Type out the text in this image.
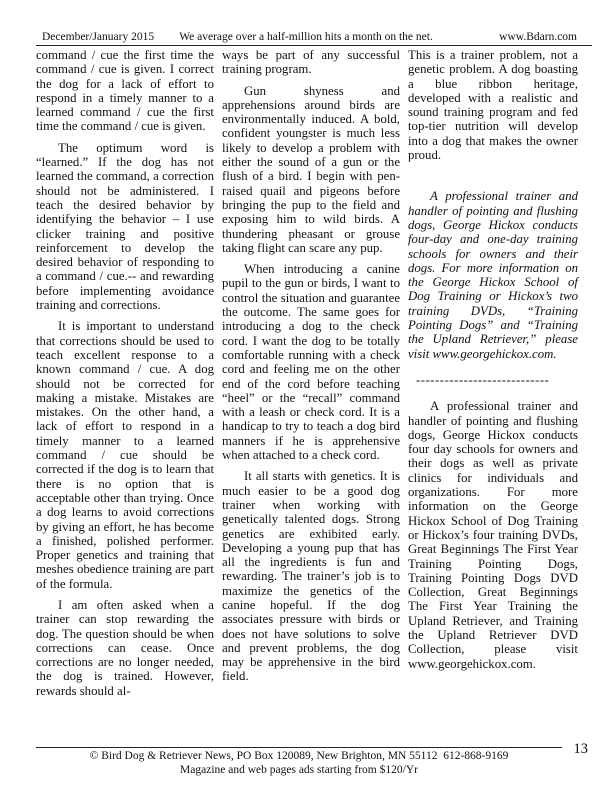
December/January 2015	We average over a half-million hits a month on the net.	www.Bdarn.com

command / cue the first time the command / cue is given. I correct the dog for a lack of effort to respond in a timely manner to a learned command / cue the first time the command / cue is given.

The optimum word is “learned.” If the dog has not learned the command, a correction should not be administered. I teach the desired behavior by identifying the behavior – I use clicker training and positive reinforcement to develop the desired behavior of responding to a command / cue.-- and rewarding before implementing avoidance training and corrections.

It is important to understand that corrections should be used to teach excellent response to a known command / cue. A dog should not be corrected for making a mistake. Mistakes are mistakes. On the other hand, a lack of effort to respond in a timely manner to a learned command / cue should be corrected if the dog is to learn that there is no option that is acceptable other than trying. Once a dog learns to avoid corrections by giving an effort, he has become a finished, polished performer. Proper genetics and training that meshes obedience training are part of the formula.

I am often asked when a trainer can stop rewarding the dog. The question should be when corrections can cease. Once corrections are no longer needed, the dog is trained. However, rewards should al-

ways be part of any successful training program.

Gun shyness and apprehensions around birds are environmentally induced. A bold, confident youngster is much less likely to develop a problem with either the sound of a gun or the flush of a bird. I begin with pen-raised quail and pigeons before bringing the pup to the field and exposing him to wild birds. A thundering pheasant or grouse taking flight can scare any pup.

When introducing a canine pupil to the gun or birds, I want to control the situation and guarantee the outcome. The same goes for introducing a dog to the check cord. I want the dog to be totally comfortable running with a check cord and feeling me on the other end of the cord before teaching “heel” or the “recall” command with a leash or check cord. It is a handicap to try to teach a dog bird manners if he is apprehensive when attached to a check cord.

It all starts with genetics. It is much easier to be a good dog trainer when working with genetically talented dogs. Strong genetics are exhibited early. Developing a young pup that has all the ingredients is fun and rewarding. The trainer’s job is to maximize the genetics of the canine hopeful. If the dog associates pressure with birds or does not have solutions to solve and prevent problems, the dog may be apprehensive in the bird field.

This is a trainer problem, not a genetic problem. A dog boasting a blue ribbon heritage, developed with a realistic and sound training program and fed top-tier nutrition will develop into a dog that makes the owner proud.

A professional trainer and handler of pointing and flushing dogs, George Hickox conducts four-day and one-day training schools for owners and their dogs. For more information on the George Hickox School of Dog Training or Hickox’s two training DVDs, “Training Pointing Dogs” and “Training the Upland Retriever,” please visit www.georgehickox.com.

----------------------------

A professional trainer and handler of pointing and flushing dogs, George Hickox conducts four day schools for owners and their dogs as well as private clinics for individuals and organizations. For more information on the George Hickox School of Dog Training or Hickox’s four training DVDs, Great Beginnings The First Year Training Pointing Dogs, Training Pointing Dogs DVD Collection, Great Beginnings The First Year Training the Upland Retriever, and Training the Upland Retriever DVD Collection, please visit www.georgehickox.com.

© Bird Dog & Retriever News, PO Box 120089, New Brighton, MN 55112  612-868-9169
Magazine and web pages ads starting from $120/Yr
13
